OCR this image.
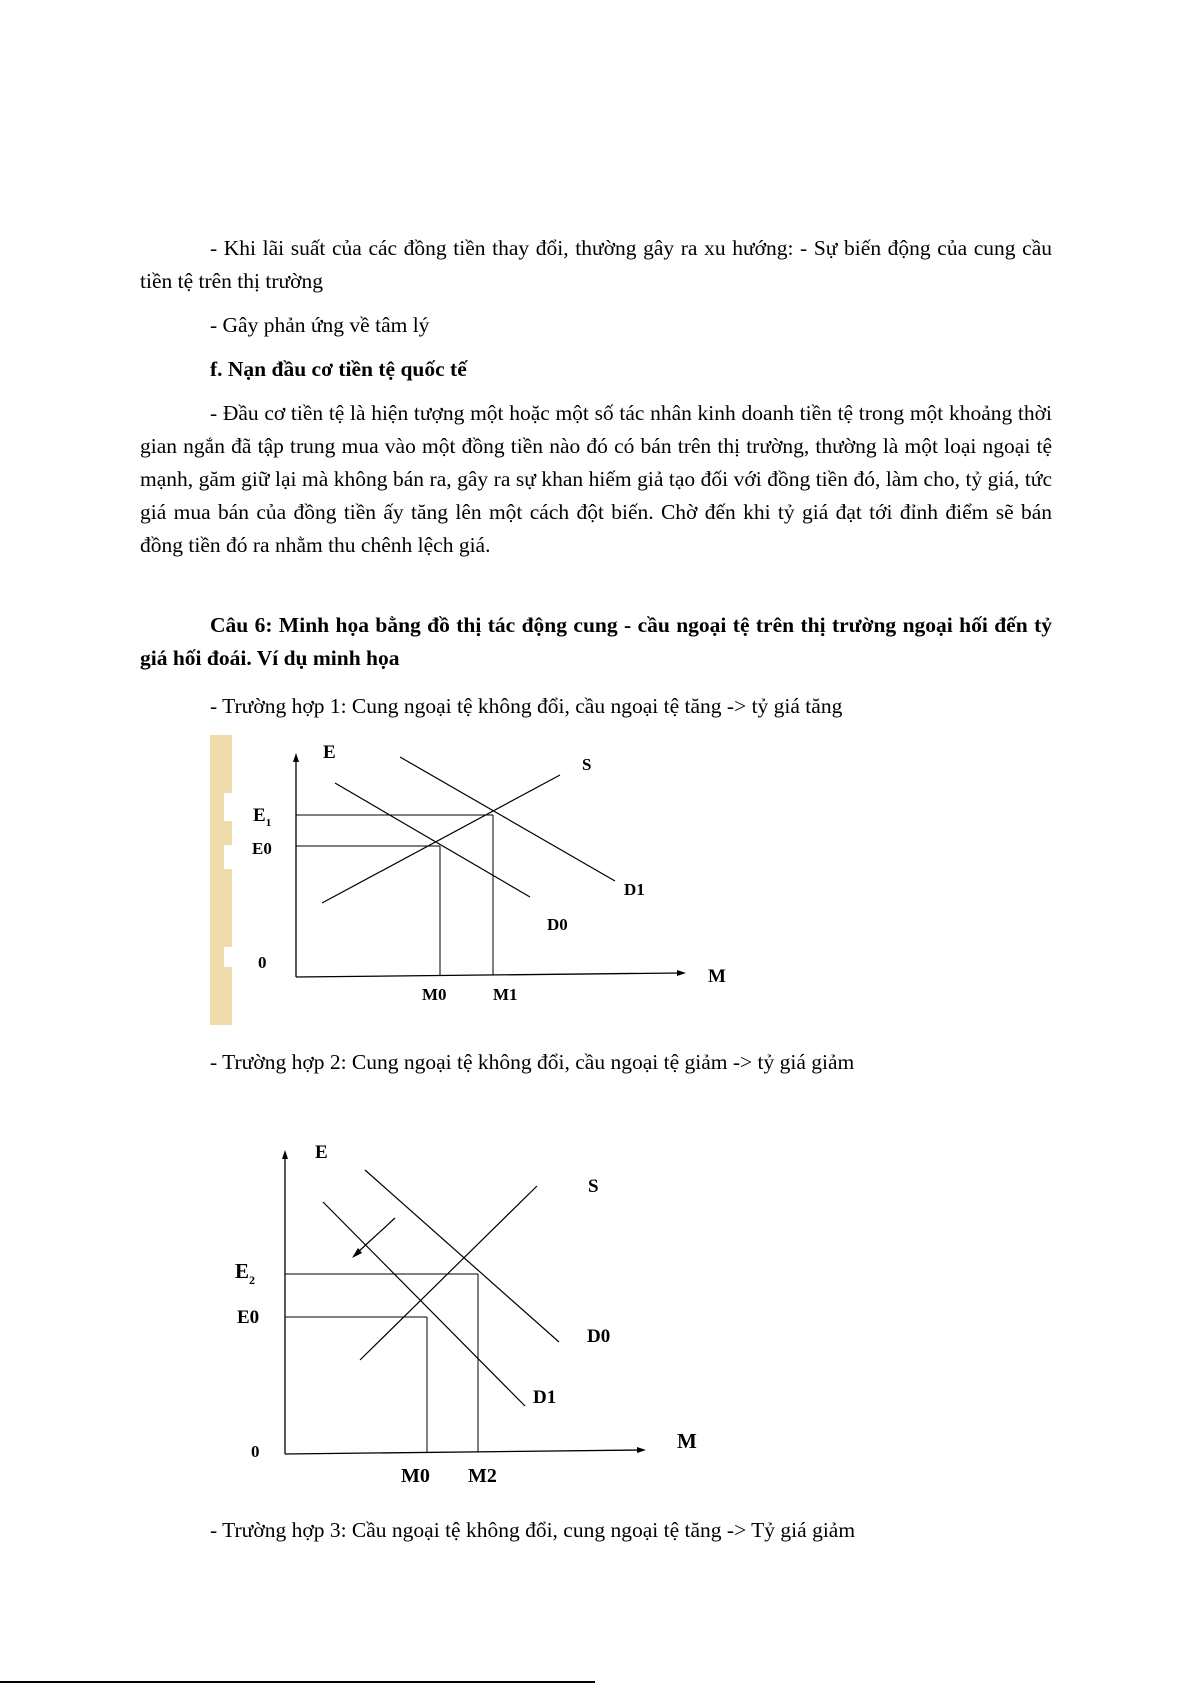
- Khi lãi suất của các đồng tiền thay đổi, thường gây ra xu hướng: - Sự biến động của cung cầu tiền tệ trên thị trường

- Gây phản ứng về tâm lý

f. Nạn đầu cơ tiền tệ quốc tế

- Đầu cơ tiền tệ là hiện tượng một hoặc một số tác nhân kinh doanh tiền tệ trong một khoảng thời gian ngắn đã tập trung mua vào một đồng tiền nào đó có bán trên thị trường, thường là một loại ngoại tệ mạnh, găm giữ lại mà không bán ra, gây ra sự khan hiếm giả tạo đối với đồng tiền đó, làm cho, tỷ giá, tức giá mua bán của đồng tiền ấy tăng lên một cách đột biến. Chờ đến khi tỷ giá đạt tới đỉnh điểm sẽ bán đồng tiền đó ra nhằm thu chênh lệch giá.

Câu 6: Minh họa bằng đồ thị tác động cung - cầu ngoại tệ trên thị trường ngoại hối đến tỷ giá hối đoái. Ví dụ minh họa

- Trường hợp 1: Cung ngoại tệ không đổi, cầu ngoại tệ tăng -> tỷ giá tăng

E
S
$E_1$
E0
D1
D0
0
M
M0	M1

- Trường hợp 2: Cung ngoại tệ không đổi, cầu ngoại tệ giảm -> tỷ giá giảm

E
S
$E_2$
E0
D0
D1
0	M
M0 M2

- Trường hợp 3: Cầu ngoại tệ không đổi, cung ngoại tệ tăng -> Tỷ giá giảm
